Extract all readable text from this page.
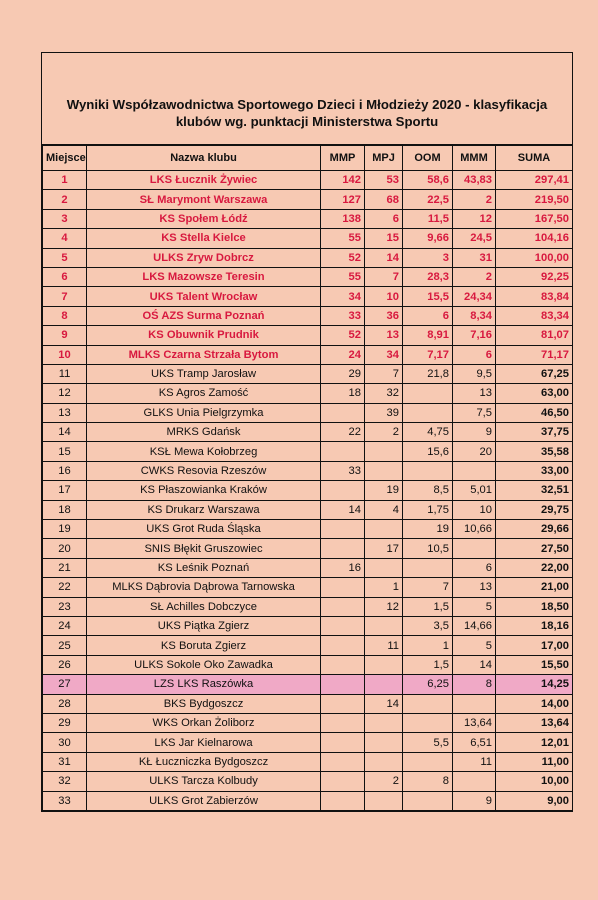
Wyniki Współzawodnictwa Sportowego Dzieci i Młodzieży 2020 - klasyfikacja
klubów wg. punktacji Ministerstwa Sportu
Miejsce	Nazwa klubu	MMP	MPJ	OOM	MMM	SUMA
1	LKS Łucznik Żywiec	142	53	58,6	43,83	297,41
2	SŁ Marymont Warszawa	127	68	22,5	2	219,50
3	KS Społem Łódź	138	6	11,5	12	167,50
4	KS Stella Kielce	55	15	9,66	24,5	104,16
5	ULKS Zryw Dobrcz	52	14	3	31	100,00
6	LKS Mazowsze Teresin	55	7	28,3	2	92,25
7	UKS Talent Wrocław	34	10	15,5	24,34	83,84
8	OŚ AZS Surma Poznań	33	36	6	8,34	83,34
9	KS Obuwnik Prudnik	52	13	8,91	7,16	81,07
10	MLKS Czarna Strzała Bytom	24	34	7,17	6	71,17
11	UKS Tramp Jarosław	29	7	21,8	9,5	67,25
12	KS Agros Zamość	18	32		13	63,00
13	GLKS Unia Pielgrzymka		39		7,5	46,50
14	MRKS Gdańsk	22	2	4,75	9	37,75
15	KSŁ Mewa Kołobrzeg			15,6	20	35,58
16	CWKS Resovia Rzeszów	33				33,00
17	KS Płaszowianka Kraków		19	8,5	5,01	32,51
18	KS Drukarz Warszawa	14	4	1,75	10	29,75
19	UKS Grot Ruda Śląska			19	10,66	29,66
20	SNIS Błękit Gruszowiec		17	10,5		27,50
21	KS Leśnik Poznań	16			6	22,00
22	MLKS Dąbrovia Dąbrowa Tarnowska		1	7	13	21,00
23	SŁ Achilles Dobczyce		12	1,5	5	18,50
24	UKS Piątka Zgierz			3,5	14,66	18,16
25	KS Boruta Zgierz		11	1	5	17,00
26	ULKS Sokole Oko Zawadka			1,5	14	15,50
27	LZS LKS Raszówka			6,25	8	14,25
28	BKS Bydgoszcz		14			14,00
29	WKS Orkan Żoliborz				13,64	13,64
30	LKS Jar Kielnarowa			5,5	6,51	12,01
31	KŁ Łuczniczka Bydgoszcz				11	11,00
32	ULKS Tarcza Kolbudy		2	8		10,00
33	ULKS Grot Zabierzów				9	9,00
